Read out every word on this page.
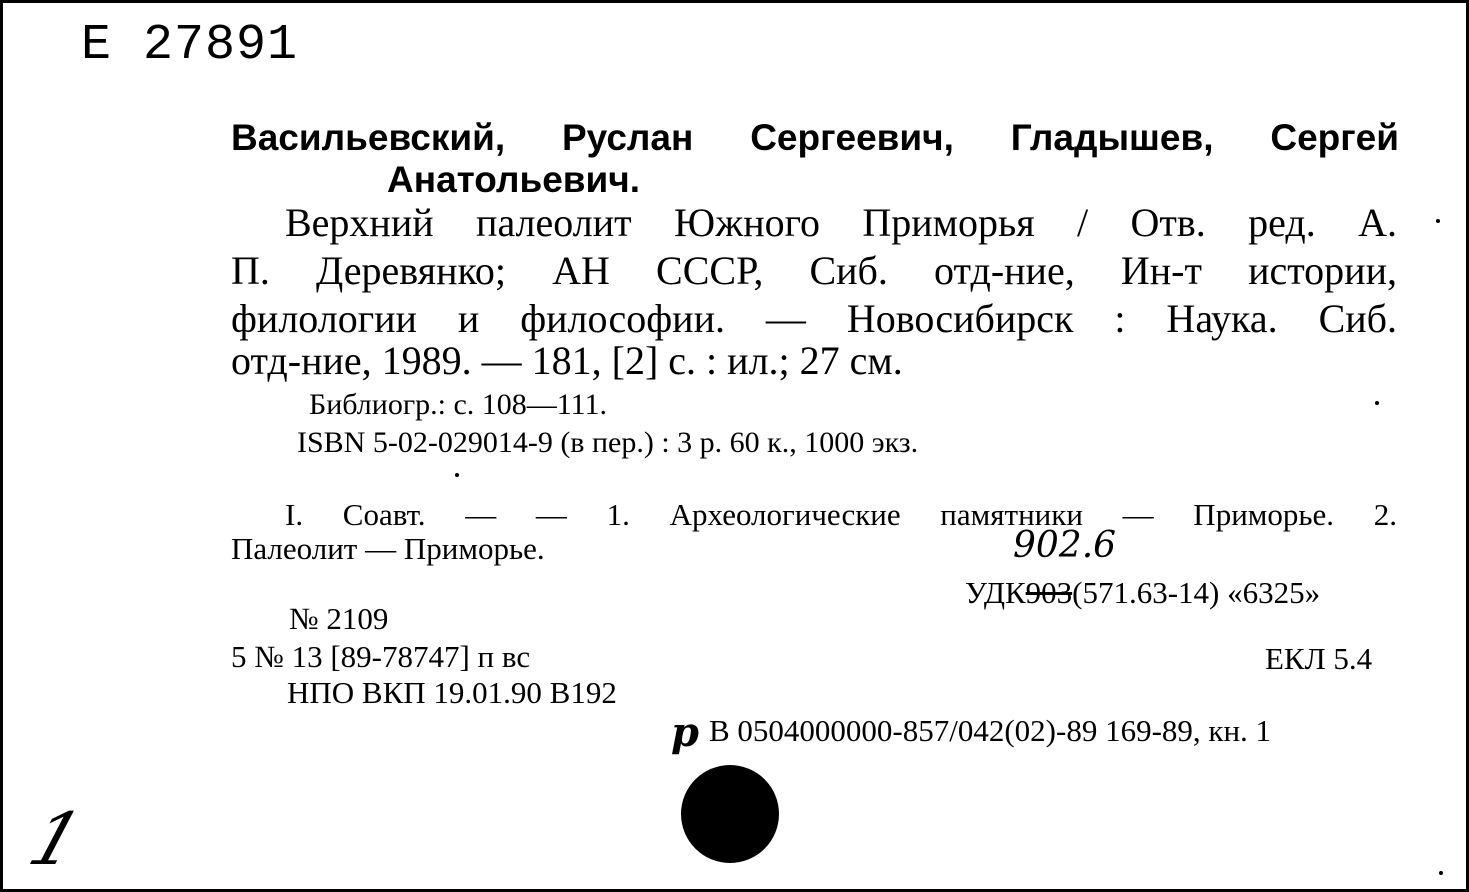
Е 27891
Васильевский, Руслан Сергеевич, Гладышев, Сергей
Анатольевич.
Верхний палеолит Южного Приморья / Отв. ред. А.
П. Деревянко; АН СССР, Сиб. отд-ние, Ин-т истории,
филологии и философии. — Новосибирск : Наука. Сиб.
отд-ние, 1989. — 181, [2] с. : ил.; 27 см.
Библиогр.: с. 108—111.
ISBN 5-02-029014-9 (в пер.) : 3 р. 60 к., 1000 экз.
I. Соавт. — — 1. Археологические памятники — Приморье. 2.
Палеолит — Приморье.	902.6
УДК903(571.63-14) «6325»
№ 2109
5 № 13 [89-78747] п вс	ЕКЛ 5.4
НПО ВКП 19.01.90 В192
р В 0504000000-857/042(02)-89 169-89, кн. 1
1
